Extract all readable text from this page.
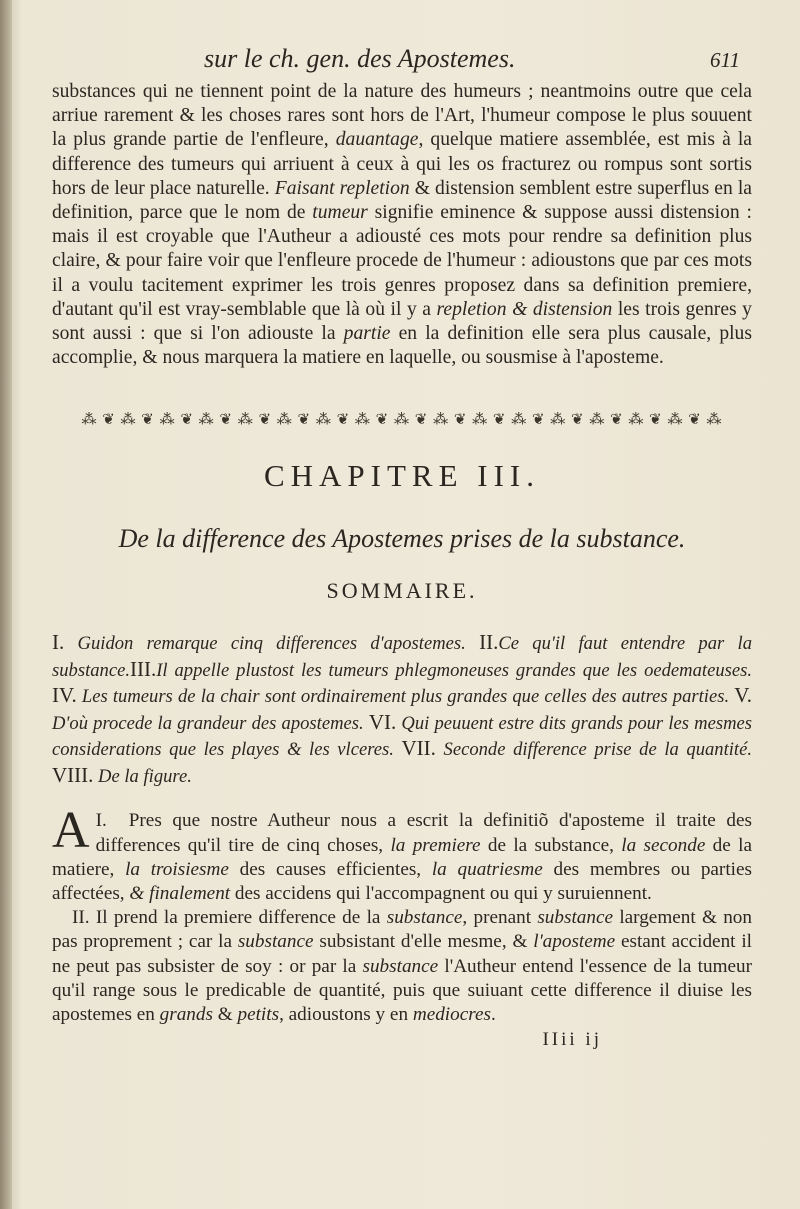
sur le ch. gen. des Apostemes.	611

substances qui ne tiennent point de la nature des humeurs ; neantmoins outre que cela arriue rarement & les choses rares sont hors de l'Art, l'humeur compose le plus souuent la plus grande partie de l'enfleure, dauantage, quelque matiere assemblée, est mis à la difference des tumeurs qui arriuent à ceux à qui les os fracturez ou rompus sont sortis hors de leur place naturelle. Faisant repletion & distension semblent estre superflus en la definition, parce que le nom de tumeur signifie eminence & suppose aussi distension : mais il est croyable que l'Autheur a adiousté ces mots pour rendre sa definition plus claire, & pour faire voir que l'enfleure procede de l'humeur : adioustons que par ces mots il a voulu tacitement exprimer les trois genres proposez dans sa definition premiere, d'autant qu'il est vray-semblable que là où il y a repletion & distension les trois genres y sont aussi : que si l'on adiouste la partie en la definition elle sera plus causale, plus accomplie, & nous marquera la matiere en laquelle, ou sousmise à l'aposteme.

⁂ ❦ ⁂ ❦ ⁂ ❦ ⁂ ❦ ⁂ ❦ ⁂ ❦ ⁂ ❦ ⁂ ❦ ⁂ ❦ ⁂ ❦ ⁂ ❦ ⁂ ❦ ⁂ ❦ ⁂ ❦ ⁂ ❦ ⁂ ❦ ⁂
CHAPITRE III.
De la difference des Apostemes prises de la substance.
SOMMAIRE.
I. Guidon remarque cinq differences d'apostemes. II.Ce qu'il faut entendre par la substance.III.Il appelle plustost les tumeurs phlegmoneuses grandes que les oedemateuses. IV. Les tumeurs de la chair sont ordinairement plus grandes que celles des autres parties. V. D'où procede la grandeur des apostemes. VI. Qui peuuent estre dits grands pour les mesmes considerations que les playes & les vlceres. VII. Seconde difference prise de la quantité. VIII. De la figure.
I.
A Pres que nostre Autheur nous a escrit la definitiõ d'aposteme il traite des differences qu'il tire de cinq choses, la premiere de la substance, la seconde de la matiere, la troisiesme des causes efficientes, la quatriesme des membres ou parties affectées, & finalement des accidens qui l'accompagnent ou qui y suruiennent.
II. Il prend la premiere difference de la substance, prenant substance largement & non pas proprement ; car la substance subsistant d'elle mesme, & l'aposteme estant accident il ne peut pas subsister de soy : or par la substance l'Autheur entend l'essence de la tumeur qu'il range sous le predicable de quantité, puis que suiuant cette difference il diuise les apostemes en grands & petits, adioustons y en mediocres.
IIii ij
